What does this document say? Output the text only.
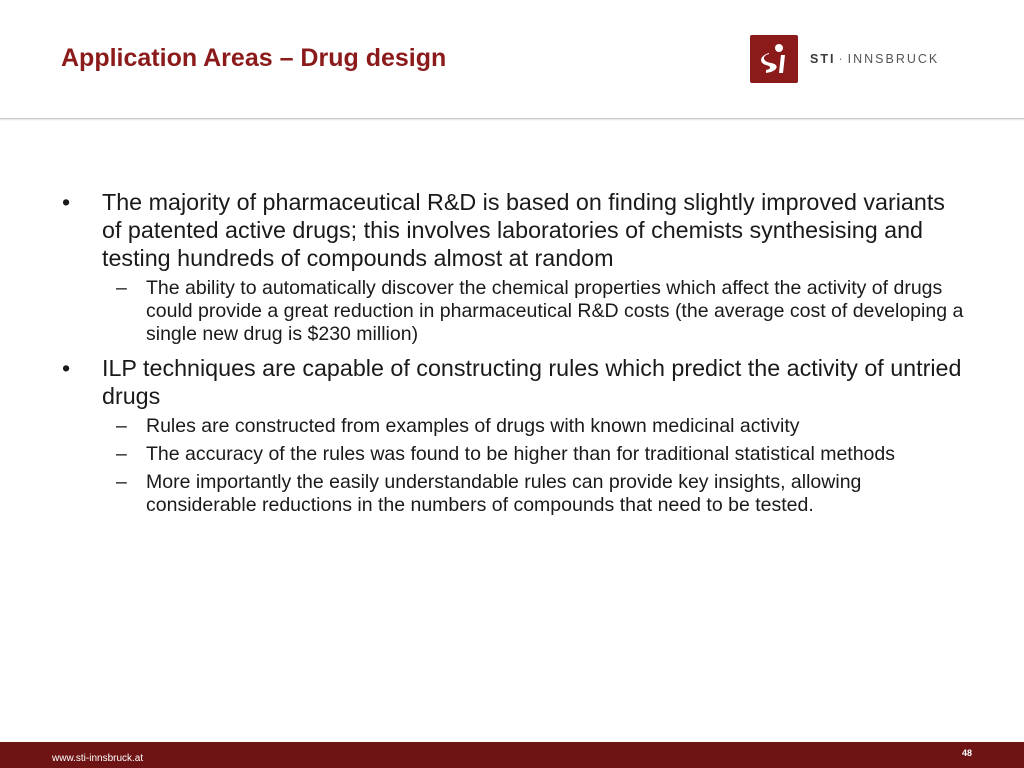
Application Areas – Drug design	STI · INNSBRUCK
•	The majority of pharmaceutical R&D is based on finding slightly improved variants of patented active drugs; this involves laboratories of chemists synthesising and testing hundreds of compounds almost at random
– The ability to automatically discover the chemical properties which affect the activity of drugs could provide a great reduction in pharmaceutical R&D costs (the average cost of developing a single new drug is $230 million)
•	ILP techniques are capable of constructing rules which predict the activity of untried drugs
– Rules are constructed from examples of drugs with known medicinal activity
– The accuracy of the rules was found to be higher than for traditional statistical methods
– More importantly the easily understandable rules can provide key insights, allowing considerable reductions in the numbers of compounds that need to be tested.
www.sti-innsbruck.at	48
